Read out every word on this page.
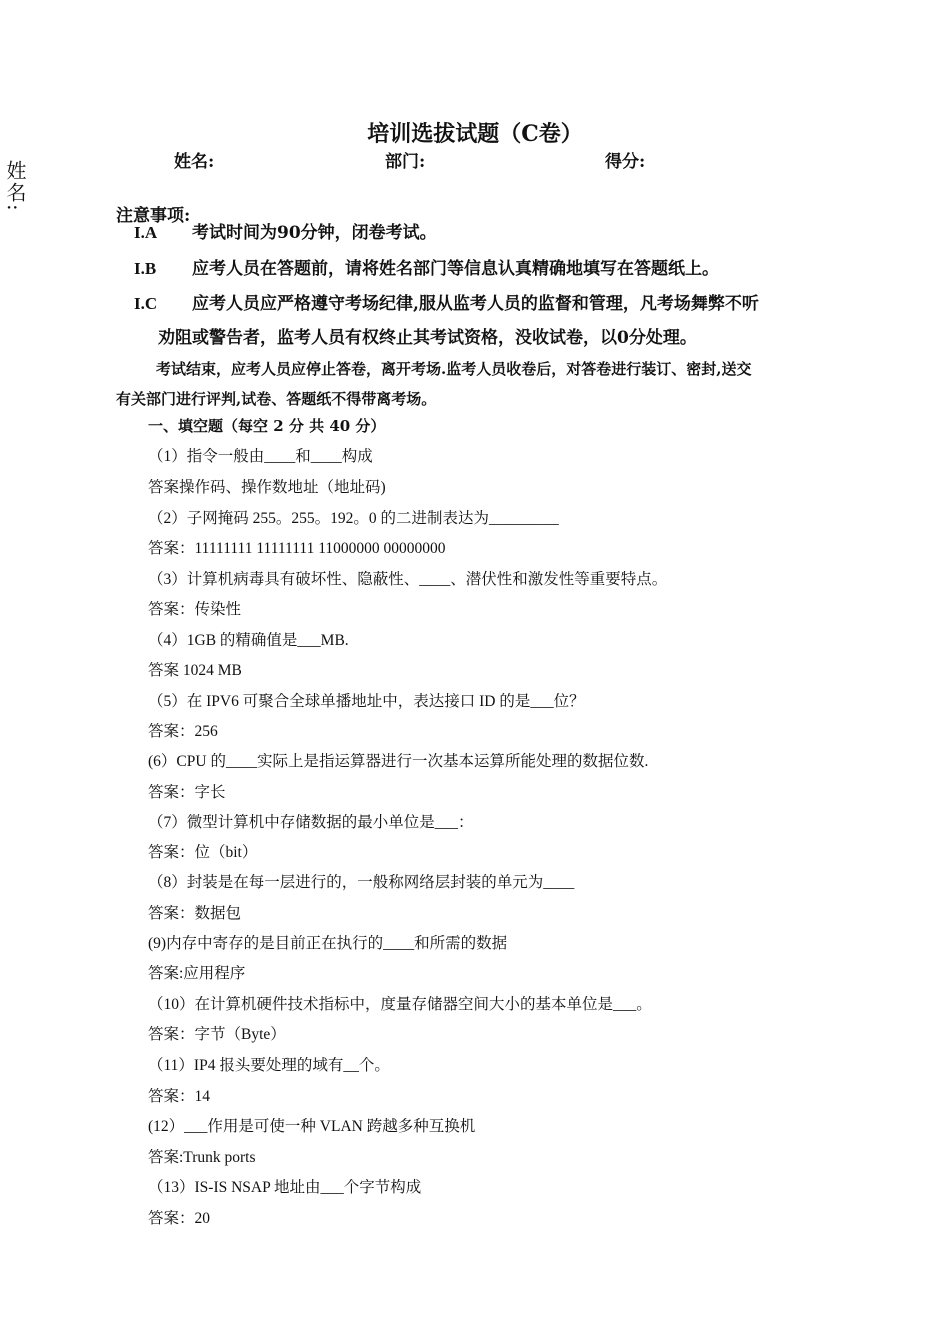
姓名:
培训选拔试题（C卷）
姓名:	部门:	得分:
注意事项:
I.A 考试时间为90分钟，闭卷考试。
I.B 应考人员在答题前，请将姓名部门等信息认真精确地填写在答题纸上。
I.C 应考人员应严格遵守考场纪律,服从监考人员的监督和管理，凡考场舞弊不听
劝阻或警告者，监考人员有权终止其考试资格，没收试卷，以0分处理。
考试结束，应考人员应停止答卷，离开考场.监考人员收卷后，对答卷进行装订、密封,送交
有关部门进行评判,试卷、答题纸不得带离考场。
一、填空题（每空 2 分 共 40 分）
（1）指令一般由____和____构成
答案操作码、操作数地址（地址码)
（2）子网掩码 255。255。192。0 的二进制表达为_________
答案：11111111 11111111 11000000 00000000
（3）计算机病毒具有破坏性、隐蔽性、____、潜伏性和激发性等重要特点。
答案：传染性
（4）1GB 的精确值是___MB.
答案 1024 MB
（5）在 IPV6 可聚合全球单播地址中，表达接口 ID 的是___位？
答案：256
(6）CPU 的____实际上是指运算器进行一次基本运算所能处理的数据位数.
答案：字长
（7）微型计算机中存储数据的最小单位是___：
答案：位（bit）
（8）封装是在每一层进行的，一般称网络层封装的单元为____
答案：数据包
(9)内存中寄存的是目前正在执行的____和所需的数据
答案:应用程序
（10）在计算机硬件技术指标中，度量存储器空间大小的基本单位是___。
答案：字节（Byte）
（11）IP4 报头要处理的域有__个。
答案：14
(12）___作用是可使一种 VLAN 跨越多种互换机
答案:Trunk ports
（13）IS-IS NSAP 地址由___个字节构成
答案：20
